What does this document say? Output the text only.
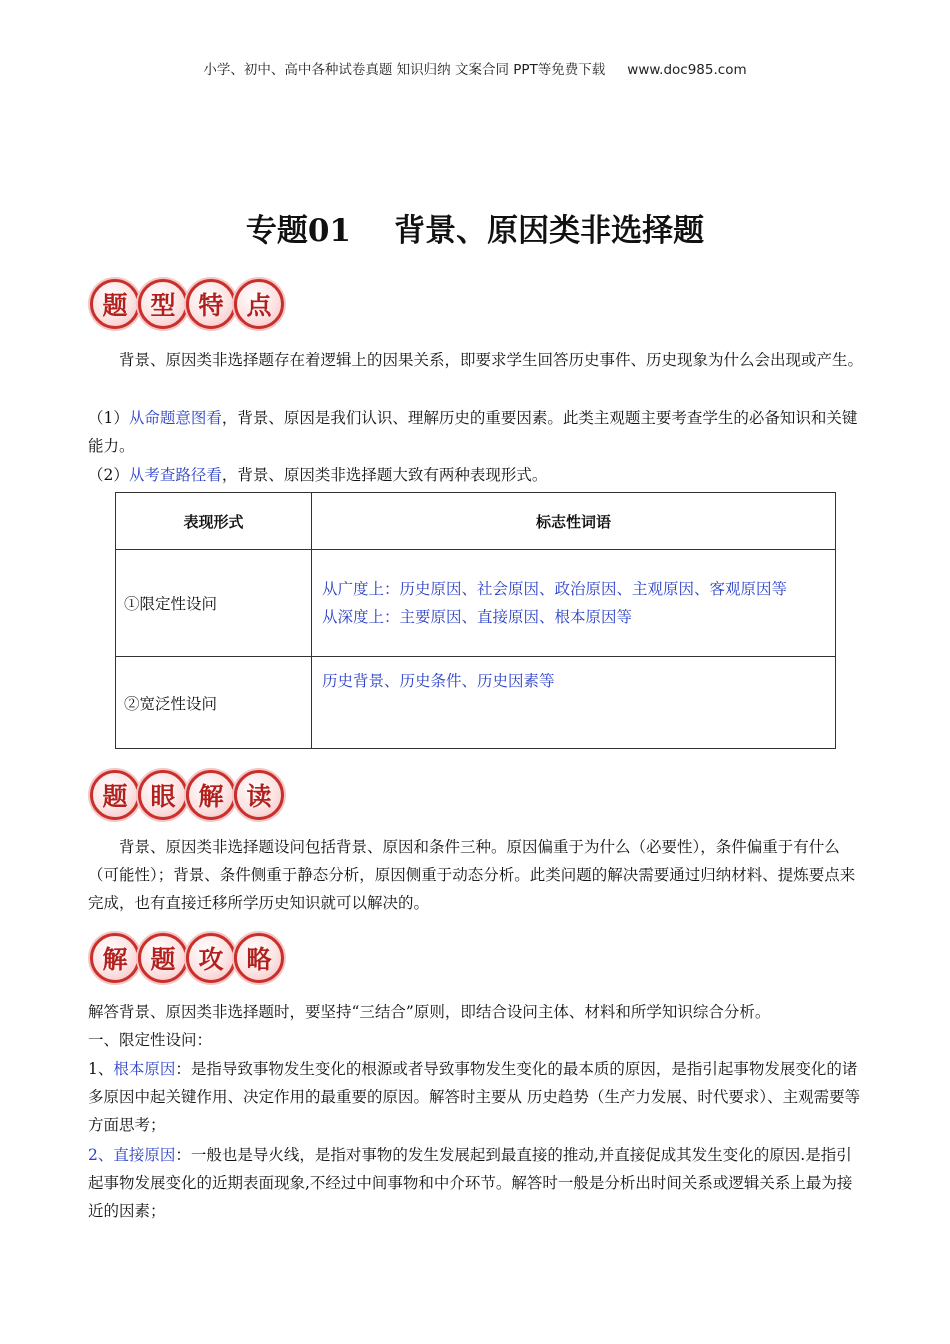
小学、初中、高中各种试卷真题 知识归纳 文案合同 PPT等免费下载 www.doc985.com
专题01    背景、原因类非选择题
题 型 特 点
背景、原因类非选择题存在着逻辑上的因果关系，即要求学生回答历史事件、历史现象为什么会出现或产生。
（1）从命题意图看，背景、原因是我们认识、理解历史的重要因素。此类主观题主要考查学生的必备知识和关键能力。
（2）从考查路径看，背景、原因类非选择题大致有两种表现形式。
表现形式	标志性词语
①限定性设问	从广度上：历史原因、社会原因、政治原因、主观原因、客观原因等
从深度上：主要原因、直接原因、根本原因等

②宽泛性设问	历史背景、历史条件、历史因素等
题 眼 解 读
背景、原因类非选择题设问包括背景、原因和条件三种。原因偏重于为什么（必要性），条件偏重于有什么（可能性）；背景、条件侧重于静态分析，原因侧重于动态分析。此类问题的解决需要通过归纳材料、提炼要点来完成，也有直接迁移所学历史知识就可以解决的。
解 题 攻 略
解答背景、原因类非选择题时，要坚持“三结合”原则，即结合设问主体、材料和所学知识综合分析。
一、限定性设问：
1、根本原因：是指导致事物发生变化的根源或者导致事物发生变化的最本质的原因，是指引起事物发展变化的诸多原因中起关键作用、决定作用的最重要的原因。解答时主要从 历史趋势（生产力发展、时代要求）、主观需要等方面思考；
2、直接原因：一般也是导火线，是指对事物的发生发展起到最直接的推动,并直接促成其发生变化的原因.是指引起事物发展变化的近期表面现象,不经过中间事物和中介环节。解答时一般是分析出时间关系或逻辑关系上最为接近的因素；
